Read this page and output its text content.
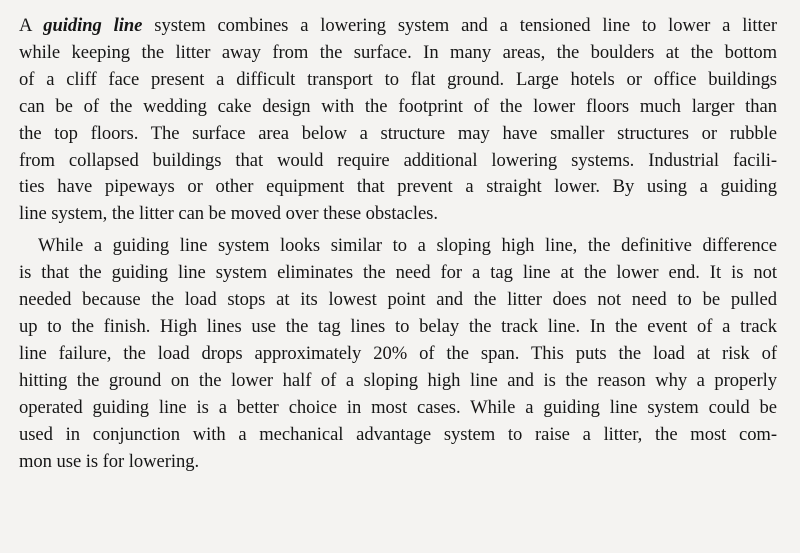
A guiding line system combines a lowering system and a tensioned line to lower a litter
while keeping the litter away from the surface. In many areas, the boulders at the bottom
of a cliff face present a difficult transport to flat ground. Large hotels or office buildings
can be of the wedding cake design with the footprint of the lower floors much larger than
the top floors. The surface area below a structure may have smaller structures or rubble
from collapsed buildings that would require additional lowering systems. Industrial facili-
ties have pipeways or other equipment that prevent a straight lower. By using a guiding
line system, the litter can be moved over these obstacles.

While a guiding line system looks similar to a sloping high line, the definitive difference
is that the guiding line system eliminates the need for a tag line at the lower end. It is not
needed because the load stops at its lowest point and the litter does not need to be pulled
up to the finish. High lines use the tag lines to belay the track line. In the event of a track
line failure, the load drops approximately 20% of the span. This puts the load at risk of
hitting the ground on the lower half of a sloping high line and is the reason why a properly
operated guiding line is a better choice in most cases. While a guiding line system could be
used in conjunction with a mechanical advantage system to raise a litter, the most com-
mon use is for lowering.
